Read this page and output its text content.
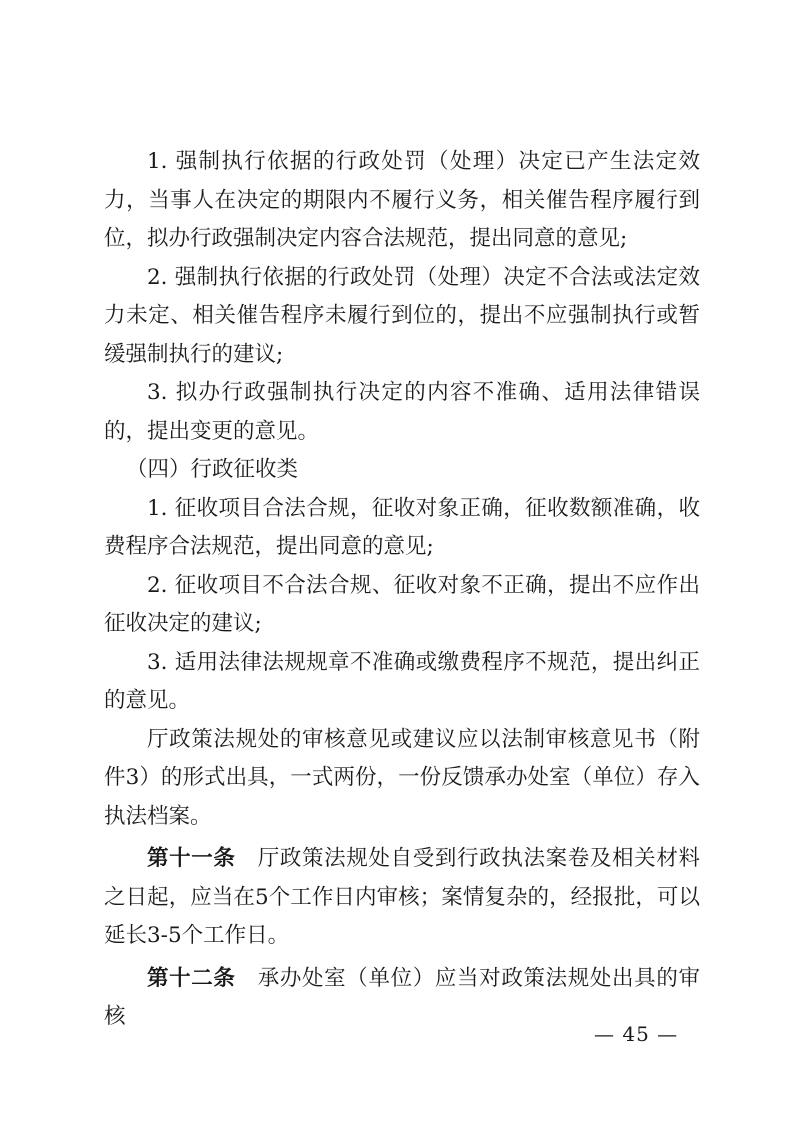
1. 强制执行依据的行政处罚（处理）决定已产生法定效力，当事人在决定的期限内不履行义务，相关催告程序履行到位，拟办行政强制决定内容合法规范，提出同意的意见;

2. 强制执行依据的行政处罚（处理）决定不合法或法定效力未定、相关催告程序未履行到位的，提出不应强制执行或暂缓强制执行的建议;

3. 拟办行政强制执行决定的内容不准确、适用法律错误的，提出变更的意见。

（四）行政征收类

1. 征收项目合法合规，征收对象正确，征收数额准确，收费程序合法规范，提出同意的意见;

2. 征收项目不合法合规、征收对象不正确，提出不应作出征收决定的建议;

3. 适用法律法规规章不准确或缴费程序不规范，提出纠正的意见。

厅政策法规处的审核意见或建议应以法制审核意见书（附件3）的形式出具，一式两份，一份反馈承办处室（单位）存入执法档案。

第十一条　 厅政策法规处自受到行政执法案卷及相关材料之日起，应当在5个工作日内审核；案情复杂的，经报批，可以延长3-5个工作日。

第十二条　 承办处室（单位）应当对政策法规处出具的审核

— 45 —
